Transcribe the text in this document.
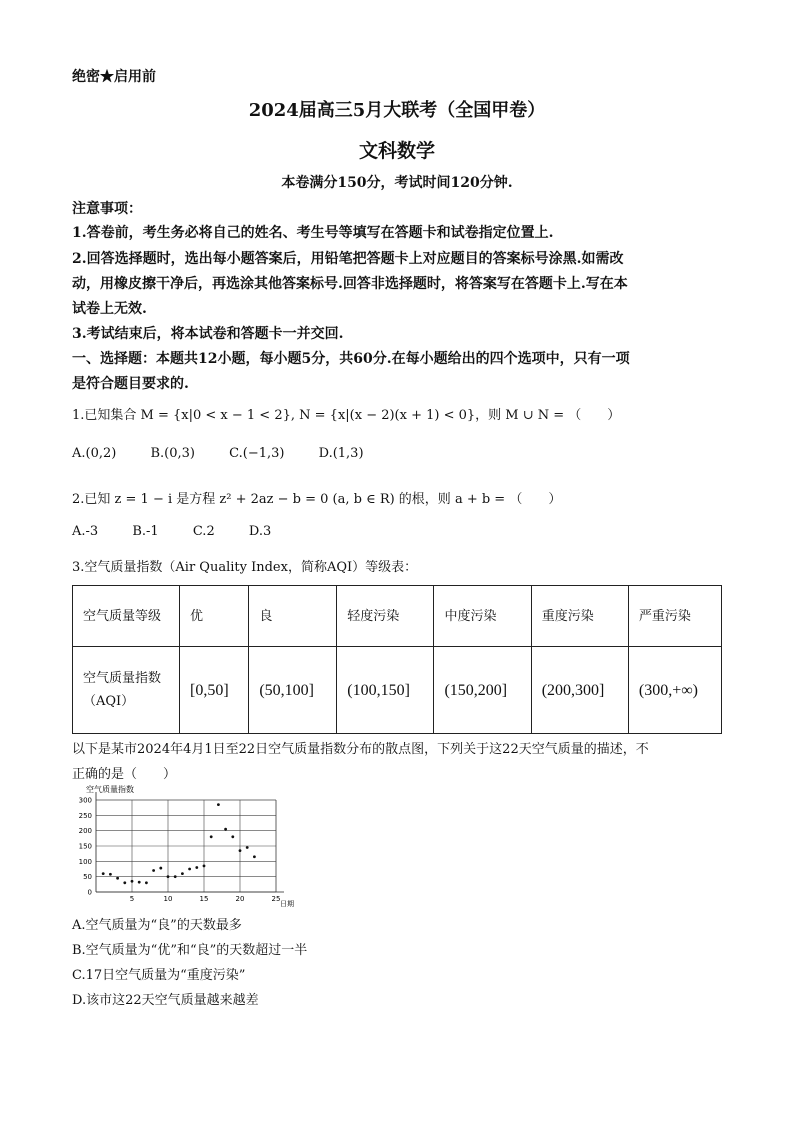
绝密★启用前
2024届高三5月大联考（全国甲卷）
文科数学
本卷满分150分，考试时间120分钟.
注意事项：
1.答卷前，考生务必将自己的姓名、考生号等填写在答题卡和试卷指定位置上.
2.回答选择题时，选出每小题答案后，用铅笔把答题卡上对应题目的答案标号涂黑.如需改
动，用橡皮擦干净后，再选涂其他答案标号.回答非选择题时，将答案写在答题卡上.写在本
试卷上无效.
3.考试结束后，将本试卷和答题卡一并交回.
一、选择题：本题共12小题，每小题5分，共60分.在每小题给出的四个选项中，只有一项
是符合题目要求的.
1.已知集合 M = {x|0 < x − 1 < 2}, N = {x|(x − 2)(x + 1) < 0}，则 M ∪ N = （　　）
A.(0,2)	B.(0,3)	C.(−1,3)	D.(1,3)
2.已知 z = 1 − i 是方程 z² + 2az − b = 0 (a, b ∈ R) 的根，则 a + b = （　　）
A.-3	B.-1	C.2	D.3
3.空气质量指数（Air Quality Index，简称AQI）等级表：
空气质量等级	优	良	轻度污染	中度污染	重度污染	严重污染

空气质量指数
（AQI）	[0,50]	(50,100]	(100,150]	(150,200]	(200,300]	(300,+∞)
以下是某市2024年4月1日至22日空气质量指数分布的散点图，下列关于这22天空气质量的描述，不
正确的是（　　）
空气质量指数
0
50
100
150
200
250
300
5	10	15	20	25
日期
A.空气质量为“良”的天数最多
B.空气质量为“优”和“良”的天数超过一半
C.17日空气质量为“重度污染”
D.该市这22天空气质量越来越差
